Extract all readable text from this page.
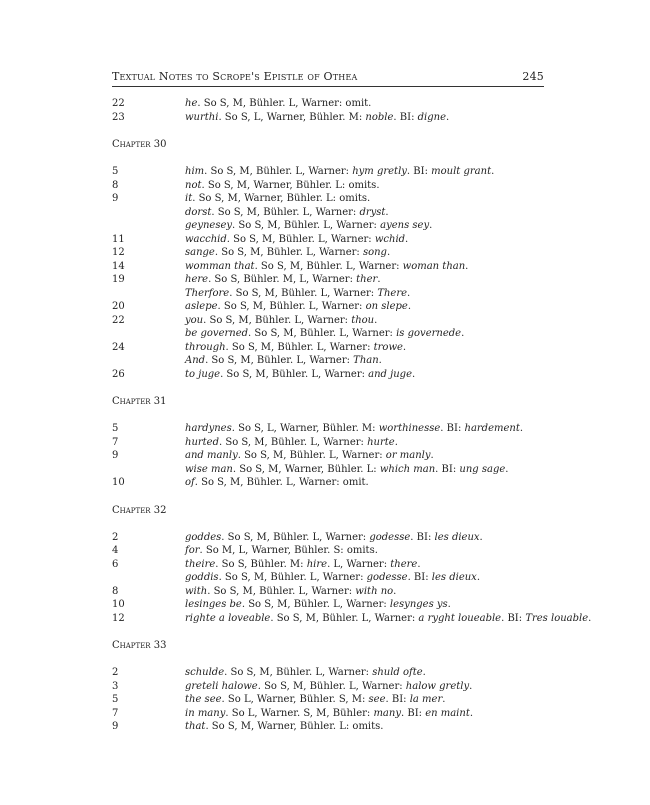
Textual Notes to Scrope's Epistle of Othea	245
22	he. So S, M, Bühler. L, Warner: omit.
23	wurthi. So S, L, Warner, Bühler. M: noble. BI: digne.
Chapter 30
5	him. So S, M, Bühler. L, Warner: hym gretly. BI: moult grant.
8	not. So S, M, Warner, Bühler. L: omits.
9	it. So S, M, Warner, Bühler. L: omits.
dorst. So S, M, Bühler. L, Warner: dryst.
geynesey. So S, M, Bühler. L, Warner: ayens sey.
11	wacchid. So S, M, Bühler. L, Warner: wchid.
12	sange. So S, M, Bühler. L, Warner: song.
14	womman that. So S, M, Bühler. L, Warner: woman than.
19	here. So S, Bühler. M, L, Warner: ther.
Therfore. So S, M, Bühler. L, Warner: There.
20	aslepe. So S, M, Bühler. L, Warner: on slepe.
22	you. So S, M, Bühler. L, Warner: thou.
be governed. So S, M, Bühler. L, Warner: is governede.
24	through. So S, M, Bühler. L, Warner: trowe.
And. So S, M, Bühler. L, Warner: Than.
26	to juge. So S, M, Bühler. L, Warner: and juge.
Chapter 31
5	hardynes. So S, L, Warner, Bühler. M: worthinesse. BI: hardement.
7	hurted. So S, M, Bühler. L, Warner: hurte.
9	and manly. So S, M, Bühler. L, Warner: or manly.
wise man. So S, M, Warner, Bühler. L: which man. BI: ung sage.
10	of. So S, M, Bühler. L, Warner: omit.
Chapter 32
2	goddes. So S, M, Bühler. L, Warner: godesse. BI: les dieux.
4	for. So M, L, Warner, Bühler. S: omits.
6	theire. So S, Bühler. M: hire. L, Warner: there.
goddis. So S, M, Bühler. L, Warner: godesse. BI: les dieux.
8	with. So S, M, Bühler. L, Warner: with no.
10	lesinges be. So S, M, Bühler. L, Warner: lesynges ys.
12	righte a loveable. So S, M, Bühler. L, Warner: a ryght loueable. BI: Tres louable.
Chapter 33
2	schulde. So S, M, Bühler. L, Warner: shuld ofte.
3	greteli halowe. So S, M, Bühler. L, Warner: halow gretly.
5	the see. So L, Warner, Bühler. S, M: see. BI: la mer.
7	in many. So L, Warner. S, M, Bühler: many. BI: en maint.
9	that. So S, M, Warner, Bühler. L: omits.
